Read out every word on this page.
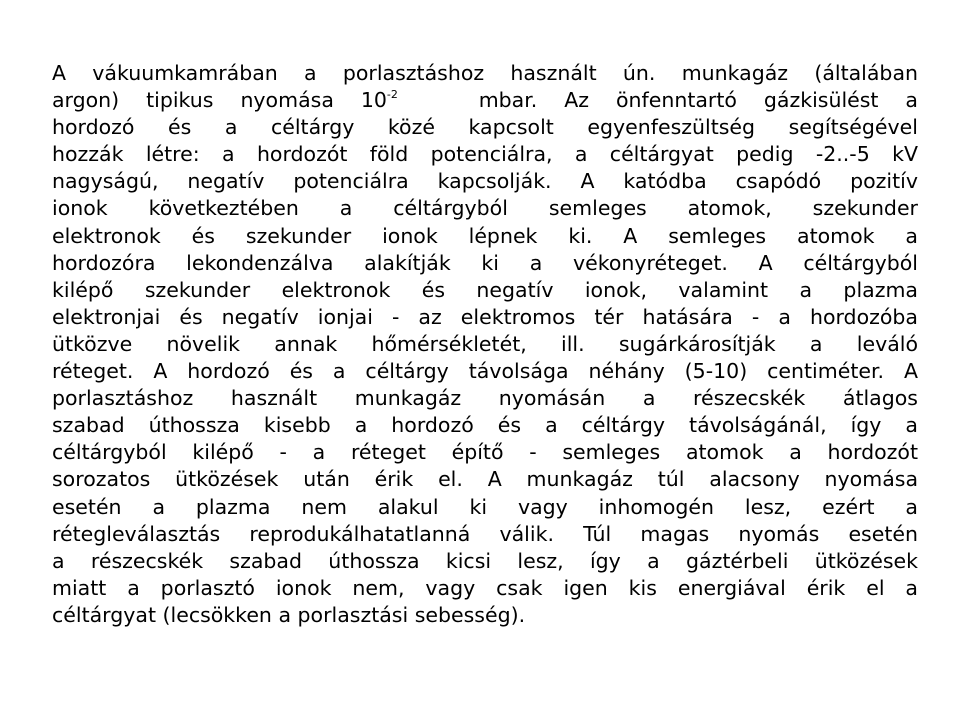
A vákuumkamrában a porlasztáshoz használt ún. munkagáz (általában
argon) tipikus nyomása $10^{-2}$	mbar. Az önfenntartó gázkisülést a
hordozó és a céltárgy közé kapcsolt egyenfeszültség segítségével
hozzák létre: a hordozót föld potenciálra, a céltárgyat pedig -2..-5 kV
nagyságú, negatív potenciálra kapcsolják. A katódba csapódó pozitív
ionok következtében a céltárgyból semleges atomok, szekunder
elektronok és szekunder ionok lépnek ki. A semleges atomok a
hordozóra lekondenzálva alakítják ki a vékonyréteget. A céltárgyból
kilépő szekunder elektronok és negatív ionok, valamint a plazma
elektronjai és negatív ionjai - az elektromos tér hatására - a hordozóba
ütközve növelik annak hőmérsékletét, ill. sugárkárosítják a leváló
réteget. A hordozó és a céltárgy távolsága néhány (5-10) centiméter. A
porlasztáshoz használt munkagáz nyomásán a részecskék átlagos
szabad úthossza kisebb a hordozó és a céltárgy távolságánál, így a
céltárgyból kilépő - a réteget építő - semleges atomok a hordozót
sorozatos ütközések után érik el. A munkagáz túl alacsony nyomása
esetén a plazma nem alakul ki vagy inhomogén lesz, ezért a
rétegleválasztás reprodukálhatatlanná válik. Túl magas nyomás esetén
a részecskék szabad úthossza kicsi lesz, így a gáztérbeli ütközések
miatt a porlasztó ionok nem, vagy csak igen kis energiával érik el a
céltárgyat (lecsökken a porlasztási sebesség).
